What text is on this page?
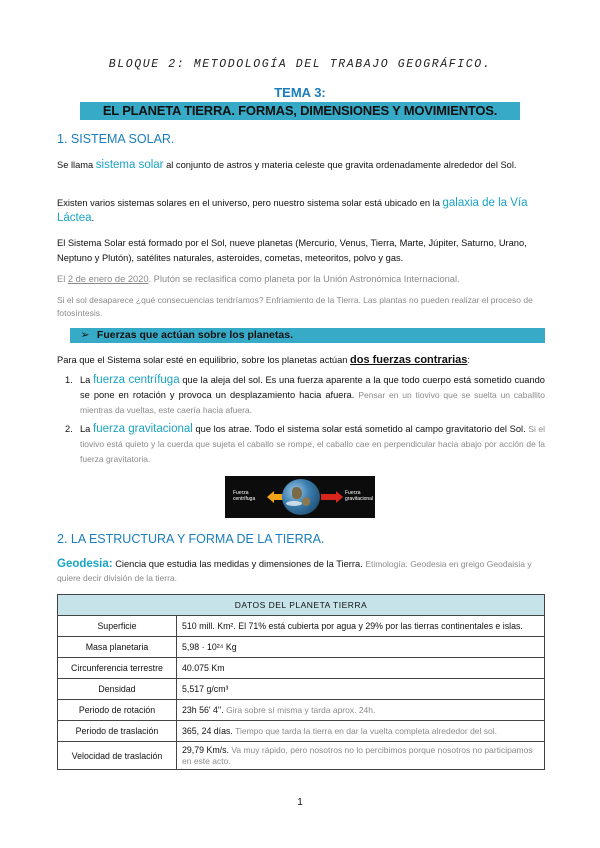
BLOQUE 2: METODOLOGÍA DEL TRABAJO GEOGRÁFICO.
TEMA 3:
EL PLANETA TIERRA. FORMAS, DIMENSIONES Y MOVIMIENTOS.
1. SISTEMA SOLAR.
Se llama sistema solar al conjunto de astros y materia celeste que gravita ordenadamente alrededor del Sol.
Existen varios sistemas solares en el universo, pero nuestro sistema solar está ubicado en la galaxia de la Vía Láctea.
El Sistema Solar está formado por el Sol, nueve planetas (Mercurio, Venus, Tierra, Marte, Júpiter, Saturno, Urano, Neptuno y Plutón), satélites naturales, asteroides, cometas, meteoritos, polvo y gas.
El 2 de enero de 2020. Plutón se reclasifica como planeta por la Unión Astronómica Internacional.
Si el sol desaparece ¿qué consecuencias tendríamos? Enfriamiento de la Tierra. Las plantas no pueden realizar el proceso de fotosíntesis.
➢ Fuerzas que actúan sobre los planetas.
Para que el Sistema solar esté en equilibrio, sobre los planetas actúan dos fuerzas contrarias:
1. La fuerza centrífuga que la aleja del sol. Es una fuerza aparente a la que todo cuerpo está sometido cuando se pone en rotación y provoca un desplazamiento hacia afuera. Pensar en un tiovivo que se suelta un caballito mientras da vueltas, este caería hacia afuera.
2. La fuerza gravitacional que los atrae. Todo el sistema solar está sometido al campo gravitatorio del Sol. Si el tiovivo está quieto y la cuerda que sujeta el caballo se rompe, el caballo cae en perpendicular hacia abajo por acción de la fuerza gravitatoria.
Fuerza centrífuga
Fuerza gravitacional
2. LA ESTRUCTURA Y FORMA DE LA TIERRA.
Geodesia: Ciencia que estudia las medidas y dimensiones de la Tierra. Etimología: Geodesia en greigo Geodaisia y quiere decir división de la tierra.
DATOS DEL PLANETA TIERRA	
Superficie	510 mill. Km². El 71% está cubierta por agua y 29% por las tierras continentales e islas.
Masa planetaria	5,98 · 10²⁴ Kg
Circunferencia terrestre	40.075 Km
Densidad	5,517 g/cm³
Periodo de rotación	23h 56' 4''. Gira sobre sí misma y tarda aprox. 24h.
Periodo de traslación	365, 24 días. Tiempo que tarda la tierra en dar la vuelta completa alrededor del sol.
Velocidad de traslación	29,79 Km/s. Va muy rápido, pero nosotros no lo percibimos porque nosotros no participamos en este acto.
1
